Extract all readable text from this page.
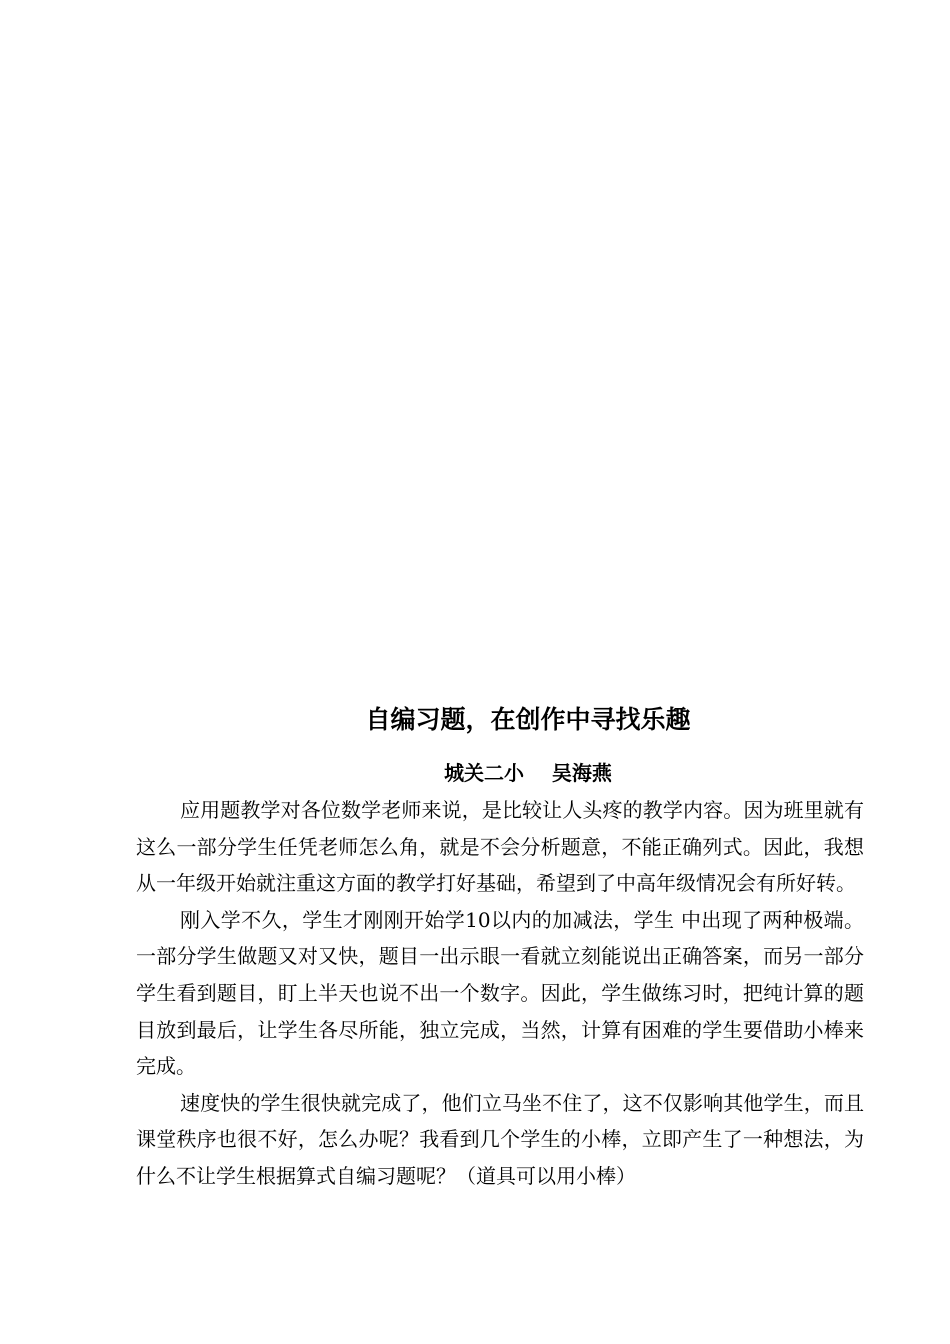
自编习题，在创作中寻找乐趣
城关二小    吴海燕

应用题教学对各位数学老师来说，是比较让人头疼的教学内容。因为班里就有这么一部分学生任凭老师怎么角，就是不会分析题意，不能正确列式。因此，我想从一年级开始就注重这方面的教学打好基础，希望到了中高年级情况会有所好转。

刚入学不久，学生才刚刚开始学10以内的加减法，学生 中出现了两种极端。一部分学生做题又对又快，题目一出示眼一看就立刻能说出正确答案，而另一部分学生看到题目，盯上半天也说不出一个数字。因此，学生做练习时，把纯计算的题目放到最后，让学生各尽所能，独立完成，当然，计算有困难的学生要借助小棒来完成。

速度快的学生很快就完成了，他们立马坐不住了，这不仅影响其他学生，而且课堂秩序也很不好，怎么办呢？我看到几个学生的小棒，立即产生了一种想法，为什么不让学生根据算式自编习题呢？（道具可以用小棒）
